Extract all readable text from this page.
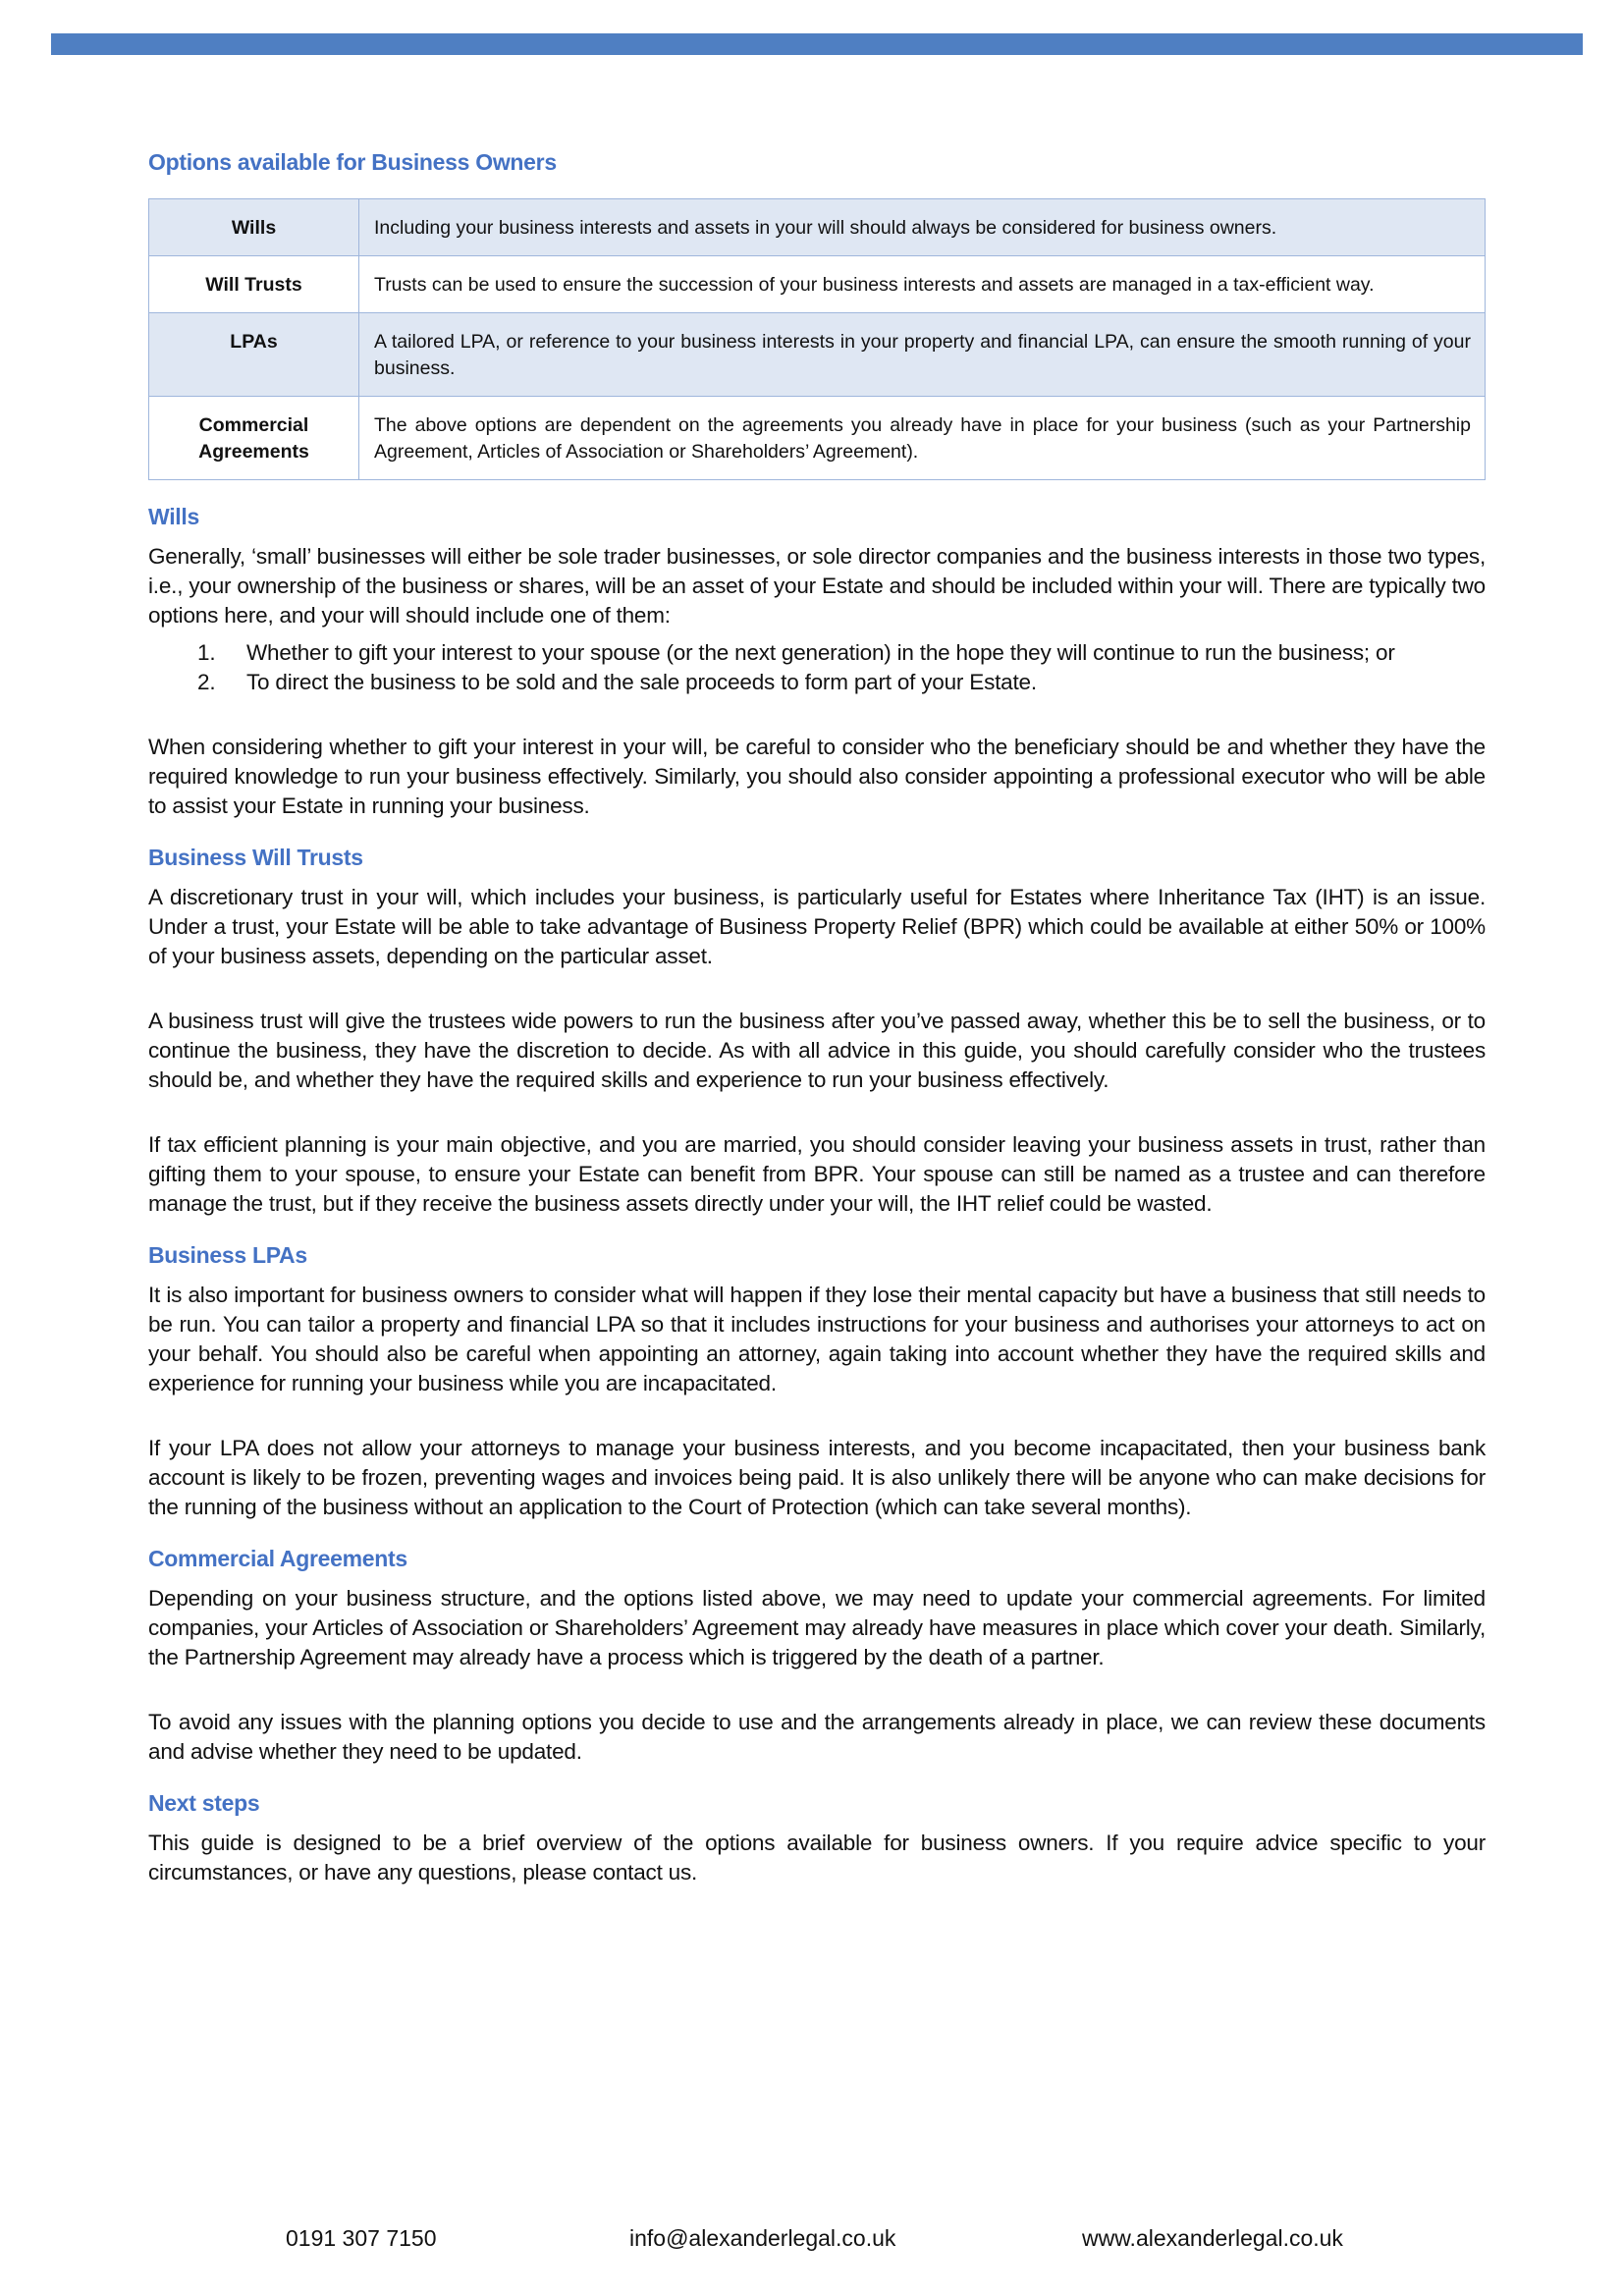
Options available for Business Owners
Wills	Including your business interests and assets in your will should always be considered for business owners.
Will Trusts	Trusts can be used to ensure the succession of your business interests and assets are managed in a tax-efficient way.
LPAs	A tailored LPA, or reference to your business interests in your property and financial LPA, can ensure the smooth running of your business.
Commercial Agreements	The above options are dependent on the agreements you already have in place for your business (such as your Partnership Agreement, Articles of Association or Shareholders’ Agreement).
Wills

Generally, ‘small’ businesses will either be sole trader businesses, or sole director companies and the business interests in those two types, i.e., your ownership of the business or shares, will be an asset of your Estate and should be included within your will. There are typically two options here, and your will should include one of them:

1. Whether to gift your interest to your spouse (or the next generation) in the hope they will continue to run the business; or
2. To direct the business to be sold and the sale proceeds to form part of your Estate.

When considering whether to gift your interest in your will, be careful to consider who the beneficiary should be and whether they have the required knowledge to run your business effectively. Similarly, you should also consider appointing a professional executor who will be able to assist your Estate in running your business.

Business Will Trusts

A discretionary trust in your will, which includes your business, is particularly useful for Estates where Inheritance Tax (IHT) is an issue. Under a trust, your Estate will be able to take advantage of Business Property Relief (BPR) which could be available at either 50% or 100% of your business assets, depending on the particular asset.

A business trust will give the trustees wide powers to run the business after you’ve passed away, whether this be to sell the business, or to continue the business, they have the discretion to decide. As with all advice in this guide, you should carefully consider who the trustees should be, and whether they have the required skills and experience to run your business effectively.

If tax efficient planning is your main objective, and you are married, you should consider leaving your business assets in trust, rather than gifting them to your spouse, to ensure your Estate can benefit from BPR. Your spouse can still be named as a trustee and can therefore manage the trust, but if they receive the business assets directly under your will, the IHT relief could be wasted.

Business LPAs

It is also important for business owners to consider what will happen if they lose their mental capacity but have a business that still needs to be run. You can tailor a property and financial LPA so that it includes instructions for your business and authorises your attorneys to act on your behalf. You should also be careful when appointing an attorney, again taking into account whether they have the required skills and experience for running your business while you are incapacitated.

If your LPA does not allow your attorneys to manage your business interests, and you become incapacitated, then your business bank account is likely to be frozen, preventing wages and invoices being paid. It is also unlikely there will be anyone who can make decisions for the running of the business without an application to the Court of Protection (which can take several months).

Commercial Agreements

Depending on your business structure, and the options listed above, we may need to update your commercial agreements. For limited companies, your Articles of Association or Shareholders’ Agreement may already have measures in place which cover your death. Similarly, the Partnership Agreement may already have a process which is triggered by the death of a partner.

To avoid any issues with the planning options you decide to use and the arrangements already in place, we can review these documents and advise whether they need to be updated.

Next steps

This guide is designed to be a brief overview of the options available for business owners. If you require advice specific to your circumstances, or have any questions, please contact us.

0191 307 7150	info@alexanderlegal.co.uk	www.alexanderlegal.co.uk
